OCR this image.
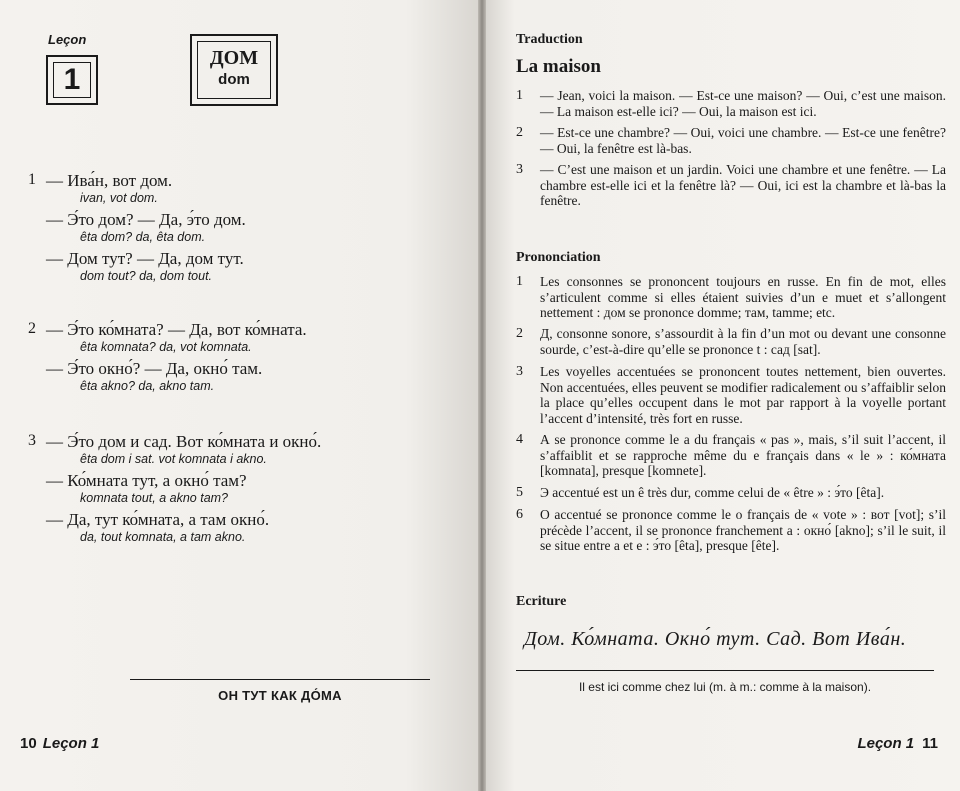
Leçon
1
ДОМ
dom
1 — Ива́н, вот дом.
ivan, vot dom.
— Э́то дом? — Да, э́то дом.
êta dom? da, êta dom.
— Дом тут? — Да, дом тут.
dom tout? da, dom tout.
2 — Э́то ко́мната? — Да, вот ко́мната.
êta komnata? da, vot komnata.
— Э́то окно́? — Да, окно́ там.
êta akno? da, akno tam.
3 — Э́то дом и сад. Вот ко́мната и окно́.
êta dom i sat. vot komnata i akno.
— Ко́мната тут, а окно́ там?
komnata tout, a akno tam?
— Да, тут ко́мната, а там окно́.
da, tout komnata, a tam akno.
ОН ТУТ КАК ДО́МА
10 Leçon 1
Traduction
La maison
1	— Jean, voici la maison. — Est-ce une maison? — Oui, c’est une maison. — La maison est-elle ici? — Oui, la maison est ici.
2	— Est-ce une chambre? — Oui, voici une chambre. — Est-ce une fenêtre? — Oui, la fenêtre est là-bas.
3	— C’est une maison et un jardin. Voici une chambre et une fenêtre. — La chambre est-elle ici et la fenêtre là? — Oui, ici est la chambre et là-bas la fenêtre.
Prononciation
1	Les consonnes se prononcent toujours en russe. En fin de mot, elles s’articulent comme si elles étaient suivies d’un e muet et s’allongent nettement : дом se prononce domme; там, tamme; etc.
2	Д, consonne sonore, s’assourdit à la fin d’un mot ou devant une consonne sourde, c’est-à-dire qu’elle se prononce t : сад [sat].
3	Les voyelles accentuées se prononcent toutes nettement, bien ouvertes. Non accentuées, elles peuvent se modifier radicalement ou s’affaiblir selon la place qu’elles occupent dans le mot par rapport à la voyelle portant l’accent d’intensité, très fort en russe.
4	А se prononce comme le a du français « pas », mais, s’il suit l’accent, il s’affaiblit et se rapproche même du e français dans « le » : ко́мната [komnata], presque [komnete].
5	Э accentué est un ê très dur, comme celui de « être » : э́то [êta].
6	О accentué se prononce comme le o français de « vote » : вот [vot]; s’il précède l’accent, il se prononce franchement a : окно́ [akno]; s’il le suit, il se situe entre a et e : э́то [êta], presque [ête].
Ecriture
Дом. Ко́мната. Окно́ тут. Сад. Вот Ива́н.
Il est ici comme chez lui (m. à m.: comme à la maison).
Leçon 1 11
